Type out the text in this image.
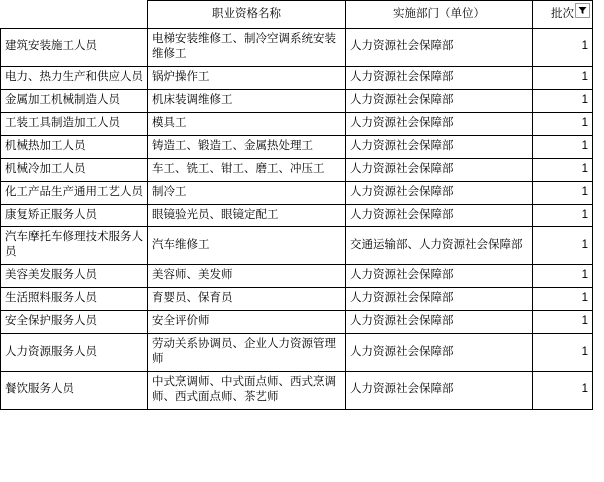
	职业资格名称	实施部门（单位）	批次

建筑安装施工人员	电梯安装维修工、制冷空调系统安装维修工	人力资源社会保障部	1
电力、热力生产和供应人员	锅炉操作工	人力资源社会保障部	1
金属加工机械制造人员	机床装调维修工	人力资源社会保障部	1
工装工具制造加工人员	模具工	人力资源社会保障部	1
机械热加工人员	铸造工、锻造工、金属热处理工	人力资源社会保障部	1
机械冷加工人员	车工、铣工、钳工、磨工、冲压工	人力资源社会保障部	1
化工产品生产通用工艺人员	制冷工	人力资源社会保障部	1
康复矫正服务人员	眼镜验光员、眼镜定配工	人力资源社会保障部	1
汽车摩托车修理技术服务人员	汽车维修工	交通运输部、人力资源社会保障部	1
美容美发服务人员	美容师、美发师	人力资源社会保障部	1
生活照料服务人员	育婴员、保育员	人力资源社会保障部	1
安全保护服务人员	安全评价师	人力资源社会保障部	1
人力资源服务人员	劳动关系协调员、企业人力资源管理师	人力资源社会保障部	1
餐饮服务人员	中式烹调师、中式面点师、西式烹调师、西式面点师、茶艺师	人力资源社会保障部	1
